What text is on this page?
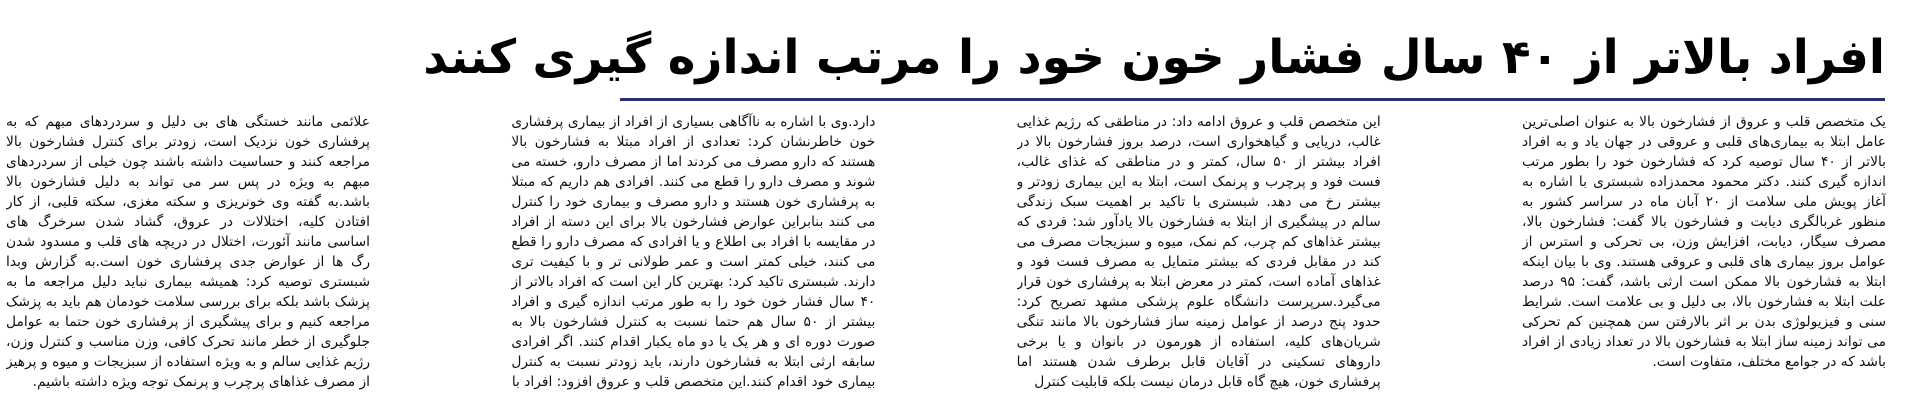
افراد بالاتر از ۴۰ سال فشار خون خود را مرتب اندازه گیری کنند

یک متخصص قلب و عروق از فشارخون بالا به عنوان اصلی‌ترین عامل ابتلا به بیماری‌های قلبی و عروقی در جهان یاد و به افراد بالاتر از ۴۰ سال توصیه کرد که فشارخون خود را بطور مرتب اندازه گیری کنند. دکتر محمود محمدزاده شبستری با اشاره به آغاز پویش ملی سلامت از ۲۰ آبان ماه در سراسر کشور به منظور غربالگری دیابت و فشارخون بالا گفت: فشارخون بالا، مصرف سیگار، دیابت، افزایش وزن، بی تحرکی و استرس از عوامل بروز بیماری های قلبی و عروقی هستند. وی با بیان اینکه ابتلا به فشارخون بالا ممکن است ارثی باشد، گفت: ۹۵ درصد علت ابتلا به فشارخون بالا، بی دلیل و بی علامت است. شرایط سنی و فیزیولوژی بدن بر اثر بالارفتن سن همچنین کم تحرکی می تواند زمینه ساز ابتلا به فشارخون بالا در تعداد زیادی از افراد باشد که در جوامع مختلف، متفاوت است.

این متخصص قلب و عروق ادامه داد: در مناطقی که رژیم غذایی غالب، دریایی و گیاهخواری است، درصد بروز فشارخون بالا در افراد بیشتر از ۵۰ سال، کمتر و در مناطقی که غذای غالب، فست فود و پرچرب و پرنمک است، ابتلا به این بیماری زودتر و بیشتر رخ می دهد. شبستری با تاکید بر اهمیت سبک زندگی سالم در پیشگیری از ابتلا به فشارخون بالا یادآور شد: فردی که بیشتر غذاهای کم چرب، کم نمک، میوه و سبزیجات مصرف می کند در مقابل فردی که بیشتر متمایل به مصرف فست فود و غذاهای آماده است، کمتر در معرض ابتلا به پرفشاری خون قرار می‌گیرد.سرپرست دانشگاه علوم پزشکی مشهد تصریح کرد: حدود پنج درصد از عوامل زمینه ساز فشارخون بالا مانند تنگی شریان‌های کلیه، استفاده از هورمون در بانوان و یا برخی داروهای تسکینی در آقایان قابل برطرف شدن هستند اما پرفشاری خون، هیچ گاه قابل درمان نیست بلکه قابلیت کنترل

دارد.وی با اشاره به ناآگاهی بسیاری از افراد از بیماری پرفشاری خون خاطرنشان کرد: تعدادی از افراد مبتلا به فشارخون بالا هستند که دارو مصرف می کردند اما از مصرف دارو، خسته می شوند و مصرف دارو را قطع می کنند. افرادی هم داریم که مبتلا به پرفشاری خون هستند و دارو مصرف و بیماری خود را کنترل می کنند بنابراین عوارض فشارخون بالا برای این دسته از افراد در مقایسه با افراد بی اطلاع و یا افرادی که مصرف دارو را قطع می کنند، خیلی کمتر است و عمر طولانی تر و با کیفیت تری دارند. شبستری تاکید کرد: بهترین کار این است که افراد بالاتر از ۴۰ سال فشار خون خود را به طور مرتب اندازه گیری و افراد بیشتر از ۵۰ سال هم حتما نسبت به کنترل فشارخون بالا به صورت دوره ای و هر یک یا دو ماه یکبار اقدام کنند. اگر افرادی سابقه ارثی ابتلا به فشارخون دارند، باید زودتر نسبت به کنترل بیماری خود اقدام کنند.این متخصص قلب و عروق افزود: افراد با

علائمی مانند خستگی های بی دلیل و سردردهای مبهم که به پرفشاری خون نزدیک است، زودتر برای کنترل فشارخون بالا مراجعه کنند و حساسیت داشته باشند چون خیلی از سردردهای مبهم به ویژه در پس سر می تواند به دلیل فشارخون بالا باشد.به گفته وی خونریزی و سکته مغزی، سکته قلبی، از کار افتادن کلیه، اختلالات در عروق، گشاد شدن سرخرگ های اساسی مانند آئورت، اختلال در دریچه های قلب و مسدود شدن رگ ها از عوارض جدی پرفشاری خون است.به گزارش وبدا شبستری توصیه کرد: همیشه بیماری نباید دلیل مراجعه ما به پزشک باشد بلکه برای بررسی سلامت خودمان هم باید به پزشک مراجعه کنیم و برای پیشگیری از پرفشاری خون حتما به عوامل جلوگیری از خطر مانند تحرک کافی، وزن مناسب و کنترل وزن، رژیم غذایی سالم و به ویژه استفاده از سبزیجات و میوه و پرهیز از مصرف غذاهای پرچرب و پرنمک توجه ویژه داشته باشیم.
